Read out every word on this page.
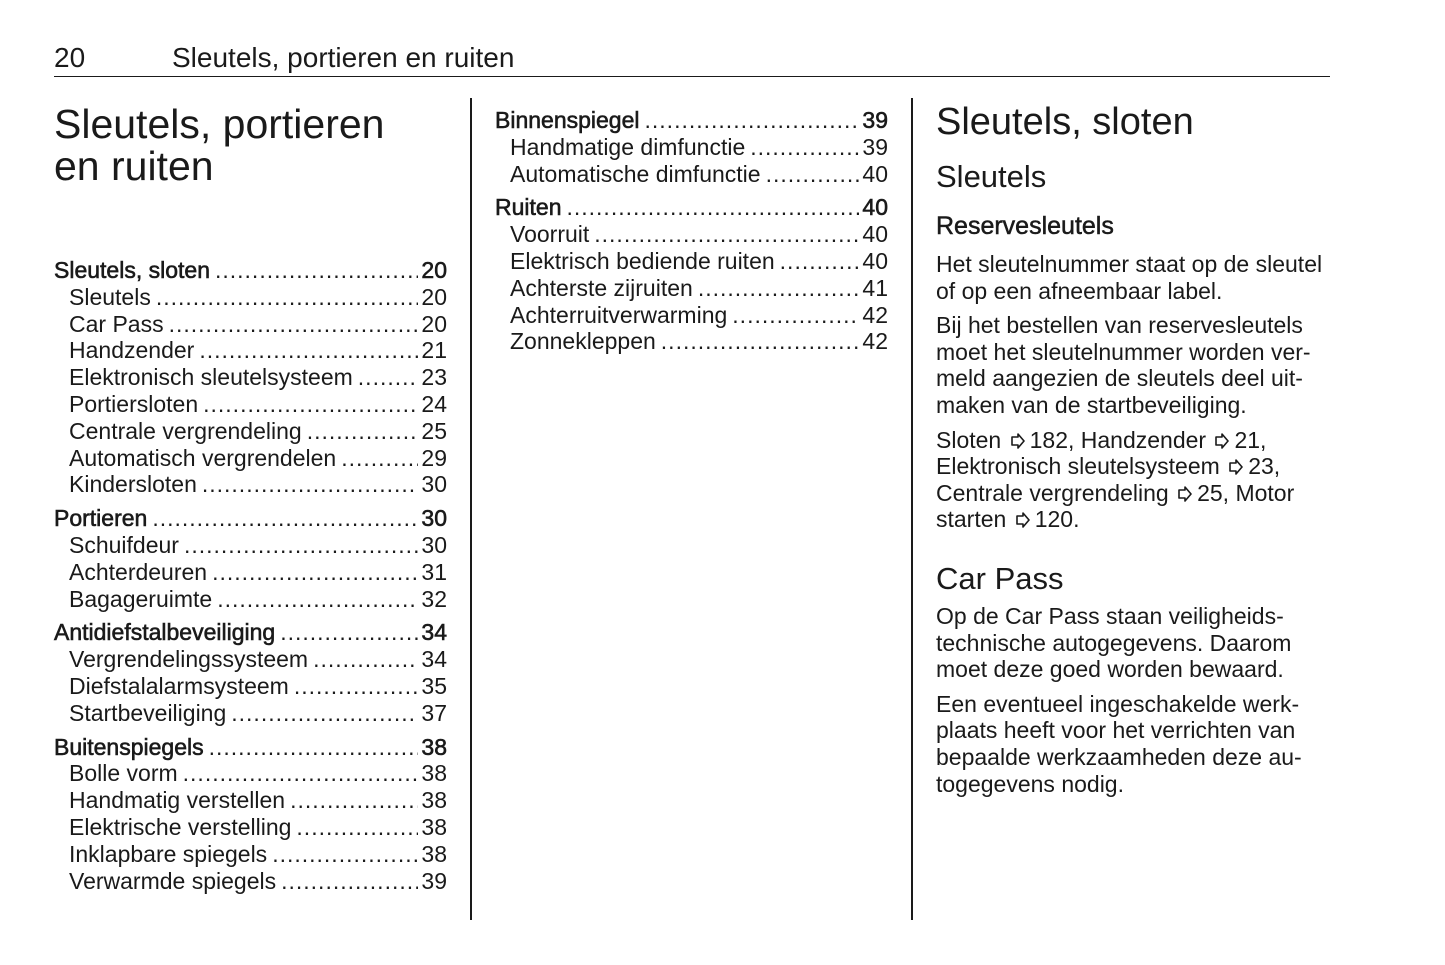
20	Sleutels, portieren en ruiten
Sleutels, portieren
en ruiten
Sleutels, sloten .....	20
Sleutels .....	20
Car Pass .....	20
Handzender .....	21
Elektronisch sleutelsysteem .....	23
Portiersloten .....	24
Centrale vergrendeling .....	25
Automatisch vergrendelen .....	29
Kindersloten .....	30
Portieren .....	30
Schuifdeur .....	30
Achterdeuren .....	31
Bagageruimte .....	32
Antidiefstalbeveiliging .....	34
Vergrendelingssysteem .....	34
Diefstalalarmsysteem .....	35
Startbeveiliging .....	37
Buitenspiegels .....	38
Bolle vorm .....	38
Handmatig verstellen .....	38
Elektrische verstelling .....	38
Inklapbare spiegels .....	38
Verwarmde spiegels .....	39
Binnenspiegel .....	39
Handmatige dimfunctie .....	39
Automatische dimfunctie .....	40
Ruiten .....	40
Voorruit .....	40
Elektrisch bediende ruiten .....	40
Achterste zijruiten .....	41
Achterruitverwarming .....	42
Zonnekleppen .....	42
Sleutels, sloten
Sleutels
Reservesleutels

Het sleutelnummer staat op de sleutel
of op een afneembaar label.

Bij het bestellen van reservesleutels
moet het sleutelnummer worden ver-
meld aangezien de sleutels deel uit-
maken van de startbeveiliging.

Sloten 182, Handzender 21,
Elektronisch sleutelsysteem 23,
Centrale vergrendeling 25, Motor
starten 120.

Car Pass

Op de Car Pass staan veiligheids-
technische autogegevens. Daarom
moet deze goed worden bewaard.

Een eventueel ingeschakelde werk-
plaats heeft voor het verrichten van
bepaalde werkzaamheden deze au-
togegevens nodig.
